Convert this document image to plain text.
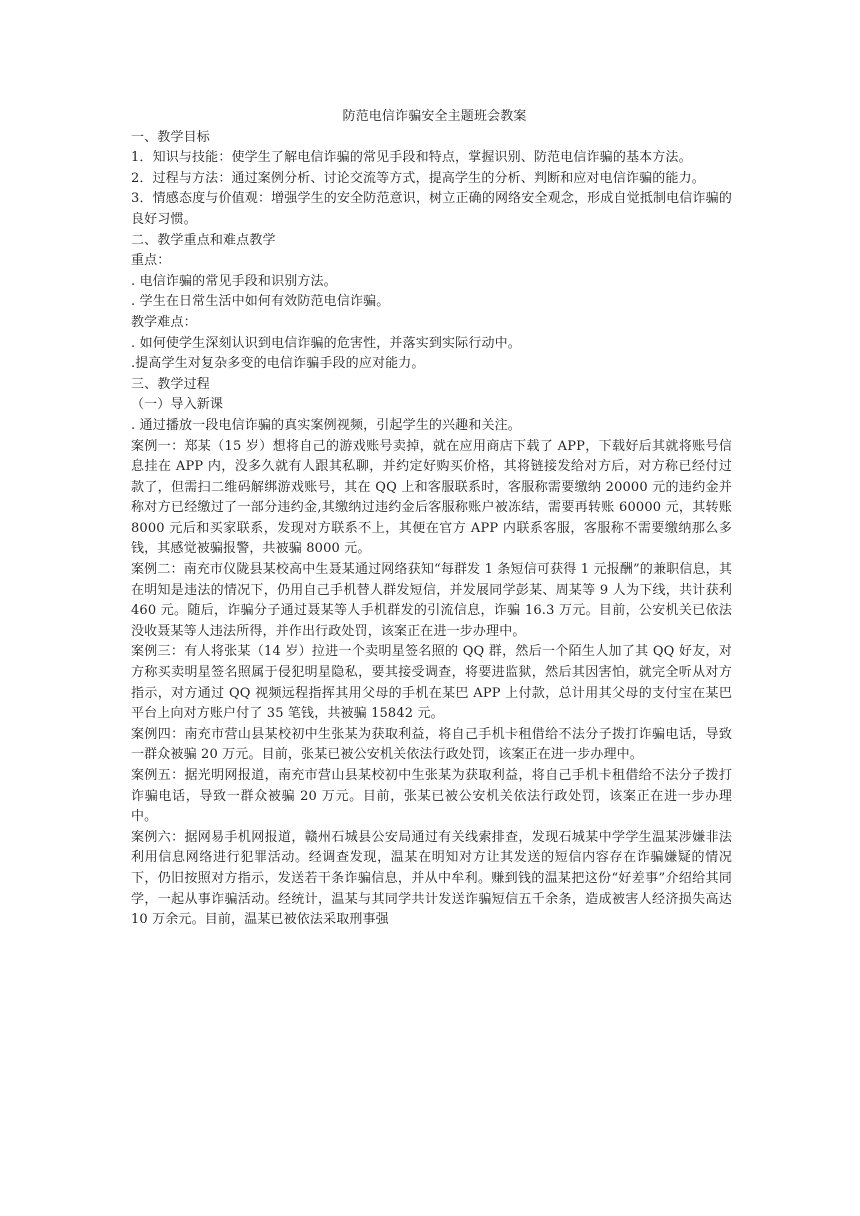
防范电信诈骗安全主题班会教案

一、教学目标

1．知识与技能：使学生了解电信诈骗的常见手段和特点，掌握识别、防范电信诈骗的基本方法。

2．过程与方法：通过案例分析、讨论交流等方式，提高学生的分析、判断和应对电信诈骗的能力。

3．情感态度与价值观：增强学生的安全防范意识，树立正确的网络安全观念，形成自觉抵制电信诈骗的良好习惯。

二、教学重点和难点教学

重点：

. 电信诈骗的常见手段和识别方法。

. 学生在日常生活中如何有效防范电信诈骗。

教学难点：

. 如何使学生深刻认识到电信诈骗的危害性，并落实到实际行动中。

.提高学生对复杂多变的电信诈骗手段的应对能力。

三、教学过程

（一）导入新课

. 通过播放一段电信诈骗的真实案例视频，引起学生的兴趣和关注。

案例一：郑某（15 岁）想将自己的游戏账号卖掉，就在应用商店下载了 APP，下载好后其就将账号信息挂在 APP 内，没多久就有人跟其私聊，并约定好购买价格，其将链接发给对方后，对方称已经付过款了，但需扫二维码解绑游戏账号，其在 QQ 上和客服联系时，客服称需要缴纳 20000 元的违约金并称对方已经缴过了一部分违约金,其缴纳过违约金后客服称账户被冻结，需要再转账 60000 元，其转账 8000 元后和买家联系，发现对方联系不上，其便在官方 APP 内联系客服，客服称不需要缴纳那么多钱，其感觉被骗报警，共被骗 8000 元。

案例二：南充市仪陇县某校高中生聂某通过网络获知“每群发 1 条短信可获得 1 元报酬”的兼职信息，其在明知是违法的情况下，仍用自己手机替人群发短信，并发展同学彭某、周某等 9 人为下线，共计获利 460 元。随后，诈骗分子通过聂某等人手机群发的引流信息，诈骗 16.3 万元。目前，公安机关已依法没收聂某等人违法所得，并作出行政处罚，该案正在进一步办理中。

案例三：有人将张某（14 岁）拉进一个卖明星签名照的 QQ 群，然后一个陌生人加了其 QQ 好友，对方称买卖明星签名照属于侵犯明星隐私，要其接受调查，将要进监狱，然后其因害怕，就完全听从对方指示，对方通过 QQ 视频远程指挥其用父母的手机在某巴 APP 上付款，总计用其父母的支付宝在某巴平台上向对方账户付了 35 笔钱，共被骗 15842 元。

案例四：南充市营山县某校初中生张某为获取利益，将自己手机卡租借给不法分子拨打诈骗电话，导致一群众被骗 20 万元。目前，张某已被公安机关依法行政处罚，该案正在进一步办理中。

案例五：据光明网报道，南充市营山县某校初中生张某为获取利益，将自己手机卡租借给不法分子拨打诈骗电话，导致一群众被骗 20 万元。目前，张某已被公安机关依法行政处罚，该案正在进一步办理中。

案例六：据网易手机网报道，赣州石城县公安局通过有关线索排查，发现石城某中学学生温某涉嫌非法利用信息网络进行犯罪活动。经调查发现，温某在明知对方让其发送的短信内容存在诈骗嫌疑的情况下，仍旧按照对方指示，发送若干条诈骗信息，并从中牟利。赚到钱的温某把这份“好差事”介绍给其同学，一起从事诈骗活动。经统计，温某与其同学共计发送诈骗短信五千余条，造成被害人经济损失高达 10 万余元。目前，温某已被依法采取刑事强
